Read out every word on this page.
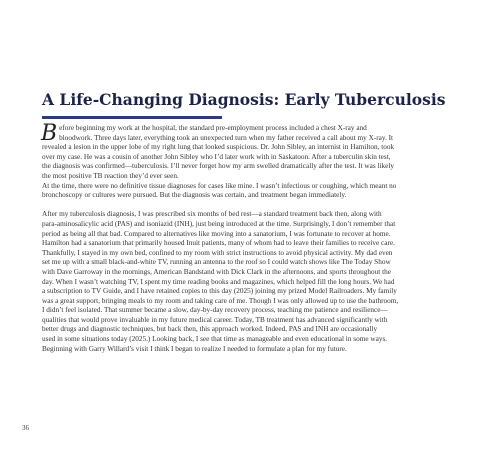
A Life-Changing Diagnosis: Early Tuberculosis

B efore beginning my work at the hospital, the standard pre-employment process included a chest X-ray and
bloodwork. Three days later, everything took an unexpected turn when my father received a call about my X-ray. It
revealed a lesion in the upper lobe of my right lung that looked suspicious. Dr. John Sibley, an internist in Hamilton, took
over my case. He was a cousin of another John Sibley who I’d later work with in Saskatoon. After a tuberculin skin test,
the diagnosis was confirmed—tuberculosis. I’ll never forget how my arm swelled dramatically after the test. It was likely
the most positive TB reaction they’d ever seen.
At the time, there were no definitive tissue diagnoses for cases like mine. I wasn’t infectious or coughing, which meant no
bronchoscopy or cultures were pursued. But the diagnosis was certain, and treatment began immediately.

After my tuberculosis diagnosis, I was prescribed six months of bed rest—a standard treatment back then, along with
para-aminosalicylic acid (PAS) and isoniazid (INH), just being introduced at the time. Surprisingly, I don’t remember that
period as being all that bad. Compared to alternatives like moving into a sanatorium, I was fortunate to recover at home.
Hamilton had a sanatorium that primarily housed Inuit patients, many of whom had to leave their families to receive care.
Thankfully, I stayed in my own bed, confined to my room with strict instructions to avoid physical activity. My dad even
set me up with a small black-and-white TV, running an antenna to the roof so I could watch shows like The Today Show
with Dave Garroway in the mornings, American Bandstand with Dick Clark in the afternoons, and sports throughout the
day. When I wasn’t watching TV, I spent my time reading books and magazines, which helped fill the long hours. We had
a subscription to TV Guide, and I have retained copies to this day (2025) joining my prized Model Railroaders. My family
was a great support, bringing meals to my room and taking care of me. Though I was only allowed up to use the bathroom,
I didn’t feel isolated. That summer became a slow, day-by-day recovery process, teaching me patience and resilience—
qualities that would prove invaluable in my future medical career. Today, TB treatment has advanced significantly with
better drugs and diagnostic techniques, but back then, this approach worked. Indeed, PAS and INH are occasionally
used in some situations today (2025.) Looking back, I see that time as manageable and even educational in some ways.
Beginning with Garry Willard’s visit I think I began to realize I needed to formulate a plan for my future.

36
